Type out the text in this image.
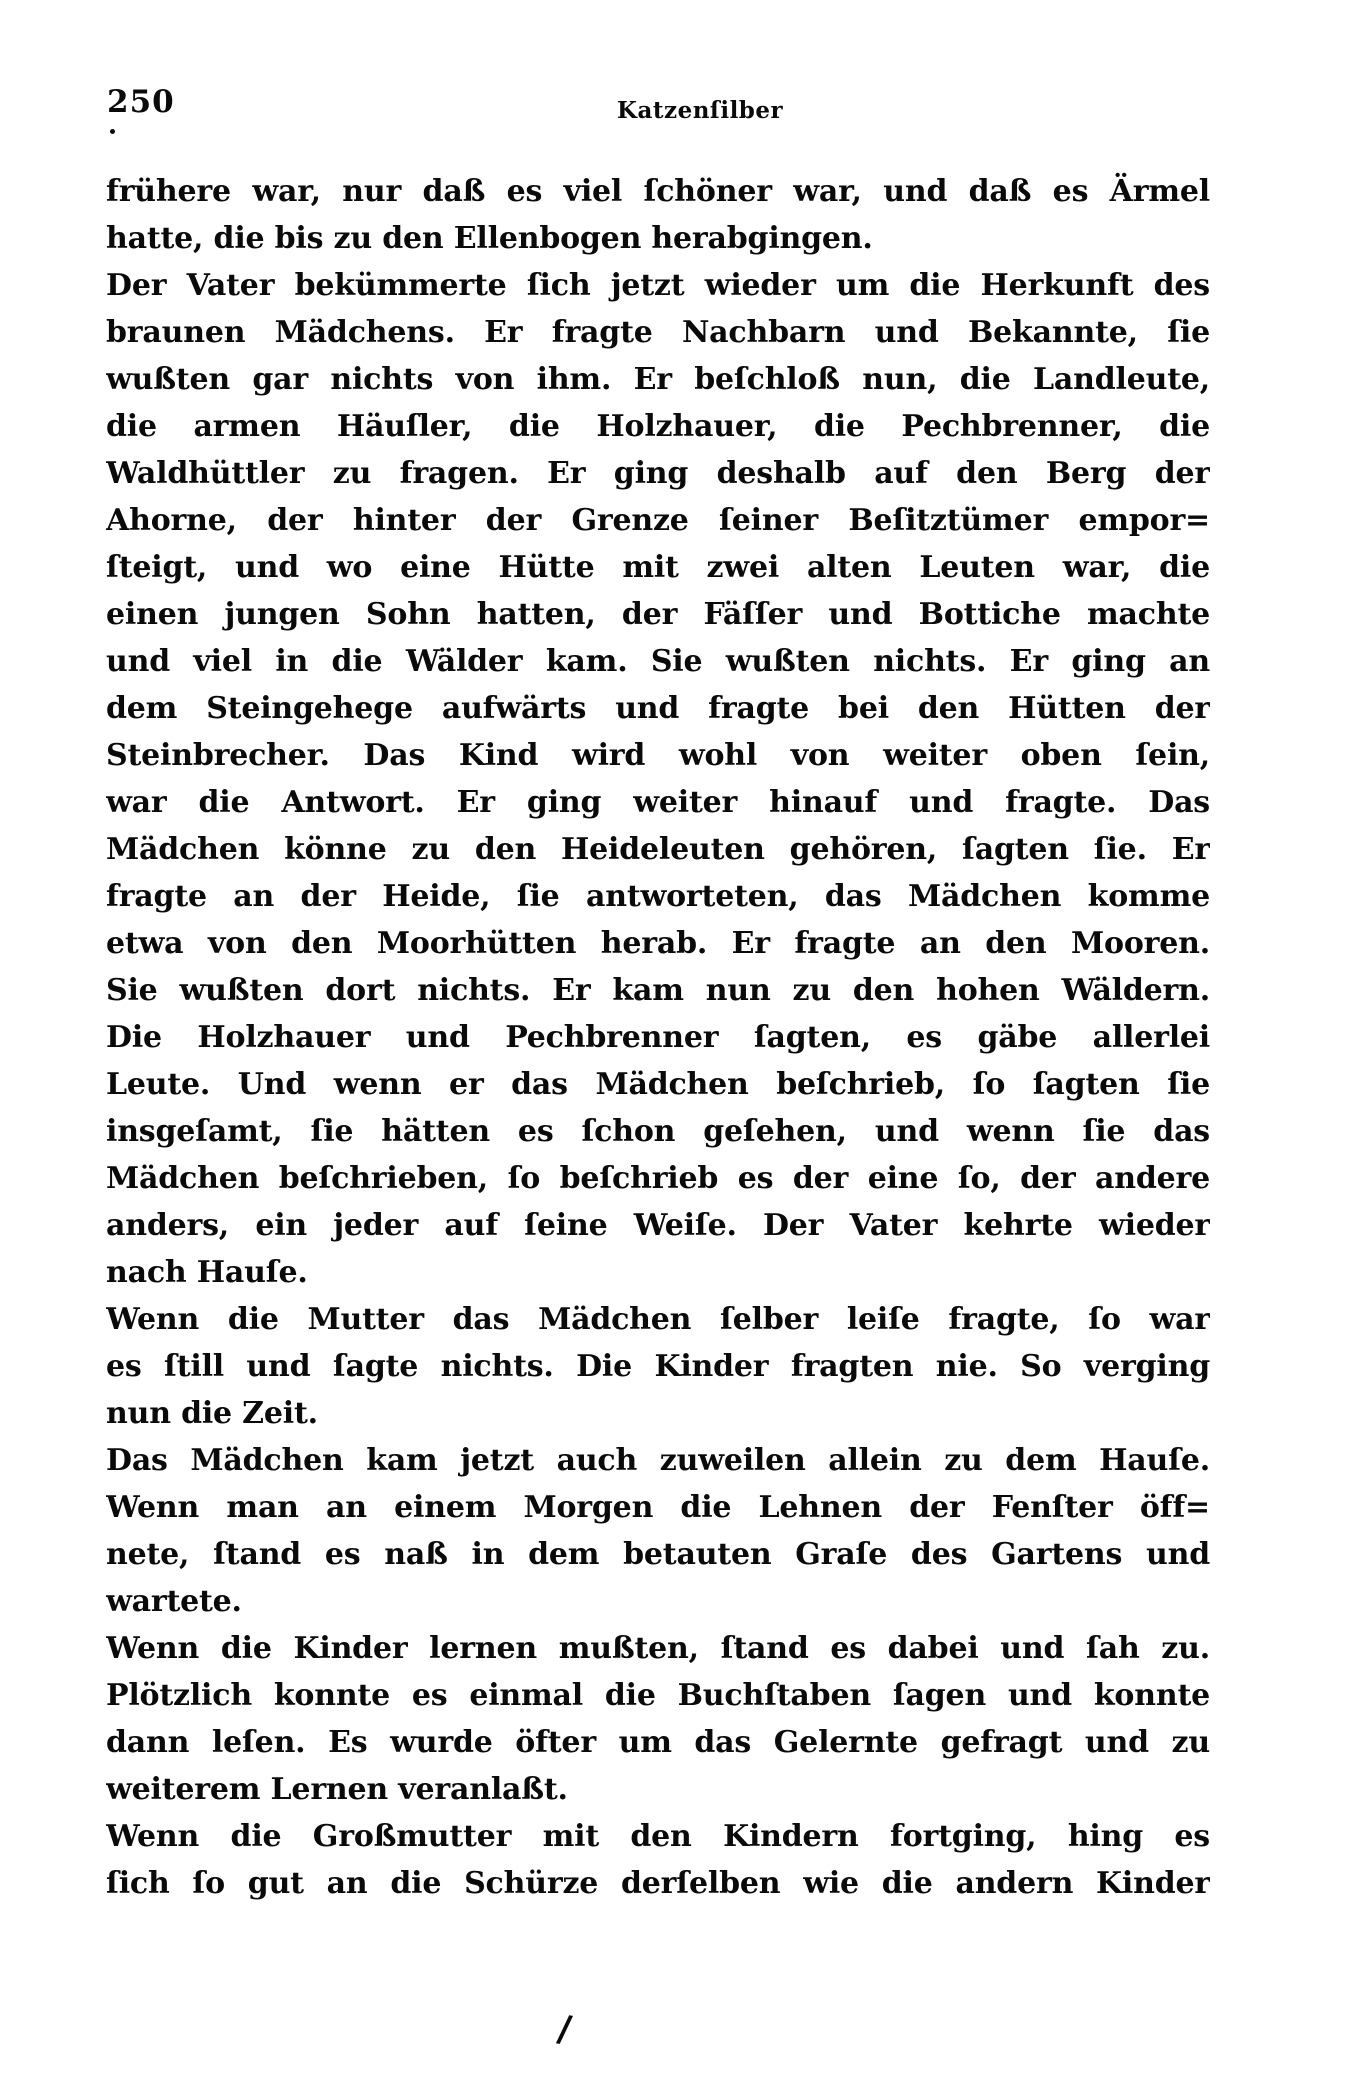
250	Katzenſilber
frühere war, nur daß es viel ſchöner war, und daß es Ärmel
hatte, die bis zu den Ellenbogen herabgingen.
Der Vater bekümmerte ſich jetzt wieder um die Herkunft des
braunen Mädchens. Er fragte Nachbarn und Bekannte, ſie
wußten gar nichts von ihm. Er beſchloß nun, die Landleute,
die armen Häuſler, die Holzhauer, die Pechbrenner, die
Waldhüttler zu fragen. Er ging deshalb auf den Berg der
Ahorne, der hinter der Grenze ſeiner Beſitztümer empor=
ſteigt, und wo eine Hütte mit zwei alten Leuten war, die
einen jungen Sohn hatten, der Fäſſer und Bottiche machte
und viel in die Wälder kam. Sie wußten nichts. Er ging an
dem Steingehege aufwärts und fragte bei den Hütten der
Steinbrecher. Das Kind wird wohl von weiter oben ſein,
war die Antwort. Er ging weiter hinauf und fragte. Das
Mädchen könne zu den Heideleuten gehören, ſagten ſie. Er
fragte an der Heide, ſie antworteten, das Mädchen komme
etwa von den Moorhütten herab. Er fragte an den Mooren.
Sie wußten dort nichts. Er kam nun zu den hohen Wäldern.
Die Holzhauer und Pechbrenner ſagten, es gäbe allerlei
Leute. Und wenn er das Mädchen beſchrieb, ſo ſagten ſie
insgeſamt, ſie hätten es ſchon geſehen, und wenn ſie das
Mädchen beſchrieben, ſo beſchrieb es der eine ſo, der andere
anders, ein jeder auf ſeine Weiſe. Der Vater kehrte wieder
nach Hauſe.
Wenn die Mutter das Mädchen ſelber leiſe fragte, ſo war
es ſtill und ſagte nichts. Die Kinder fragten nie. So verging
nun die Zeit.
Das Mädchen kam jetzt auch zuweilen allein zu dem Hauſe.
Wenn man an einem Morgen die Lehnen der Fenſter öff=
nete, ſtand es naß in dem betauten Graſe des Gartens und
wartete.
Wenn die Kinder lernen mußten, ſtand es dabei und ſah zu.
Plötzlich konnte es einmal die Buchſtaben ſagen und konnte
dann leſen. Es wurde öfter um das Gelernte gefragt und zu
weiterem Lernen veranlaßt.
Wenn die Großmutter mit den Kindern fortging, hing es
ſich ſo gut an die Schürze derſelben wie die andern Kinder
/
